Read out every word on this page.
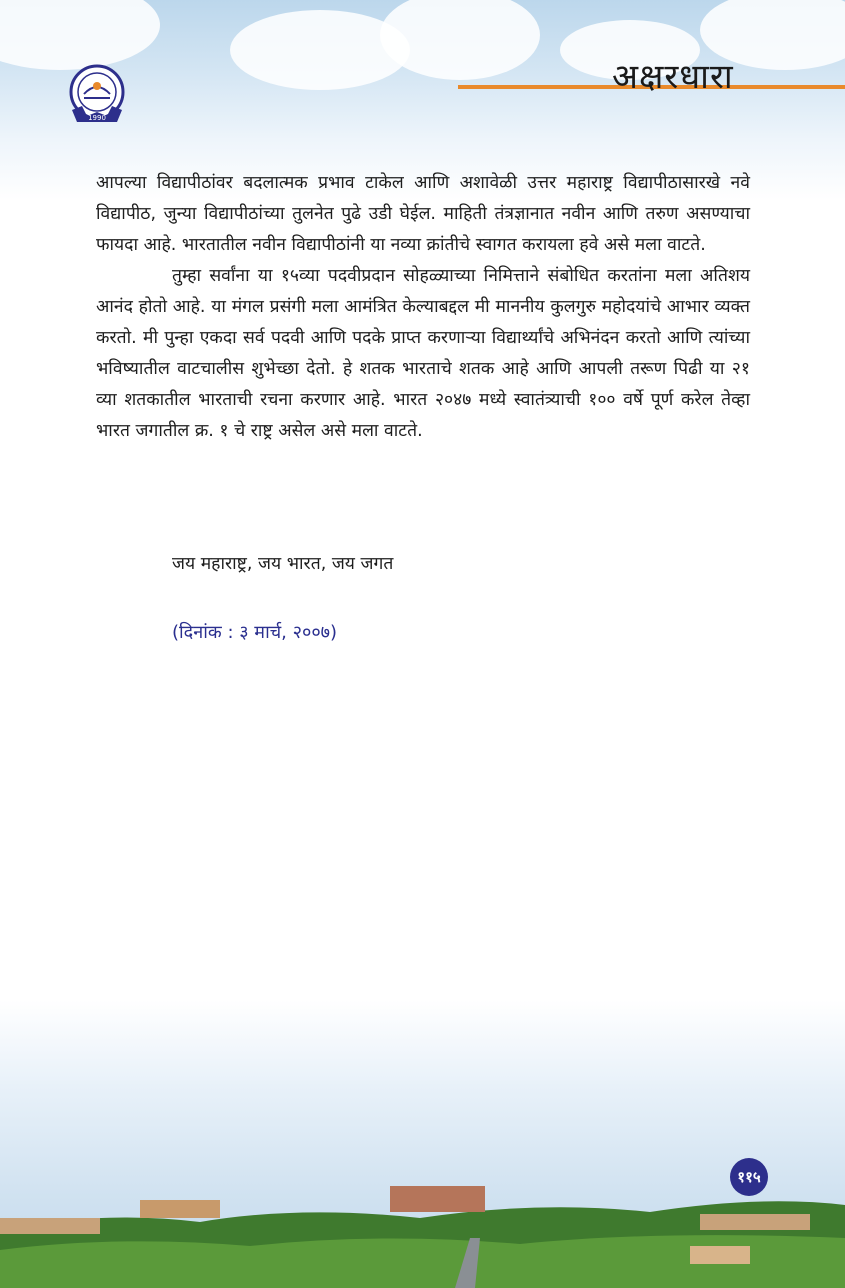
1990
अक्षरधारा

आपल्या विद्यापीठांवर बदलात्मक प्रभाव टाकेल आणि अशावेळी उत्तर महाराष्ट्र विद्यापीठासारखे नवे विद्यापीठ, जुन्या विद्यापीठांच्या तुलनेत पुढे उडी घेईल. माहिती तंत्रज्ञानात नवीन आणि तरुण असण्याचा फायदा आहे. भारतातील नवीन विद्यापीठांनी या नव्या क्रांतीचे स्वागत करायला हवे असे मला वाटते.

तुम्हा सर्वांना या १५व्या पदवीप्रदान सोहळ्याच्या निमित्ताने संबोधित करतांना मला अतिशय आनंद होतो आहे. या मंगल प्रसंगी मला आमंत्रित केल्याबद्दल मी माननीय कुलगुरु महोदयांचे आभार व्यक्त करतो. मी पुन्हा एकदा सर्व पदवी आणि पदके प्राप्त करणाऱ्या विद्यार्थ्यांचे अभिनंदन करतो आणि त्यांच्या भविष्यातील वाटचालीस शुभेच्छा देतो. हे शतक भारताचे शतक आहे आणि आपली तरूण पिढी या २१ व्या शतकातील भारताची रचना करणार आहे. भारत २०४७ मध्ये स्वातंत्र्याची १०० वर्षे पूर्ण करेल तेव्हा भारत जगातील क्र. १ चे राष्ट्र असेल असे मला वाटते.

जय महाराष्ट्र, जय भारत, जय जगत
(दिनांक : ३ मार्च, २००७)
११५
